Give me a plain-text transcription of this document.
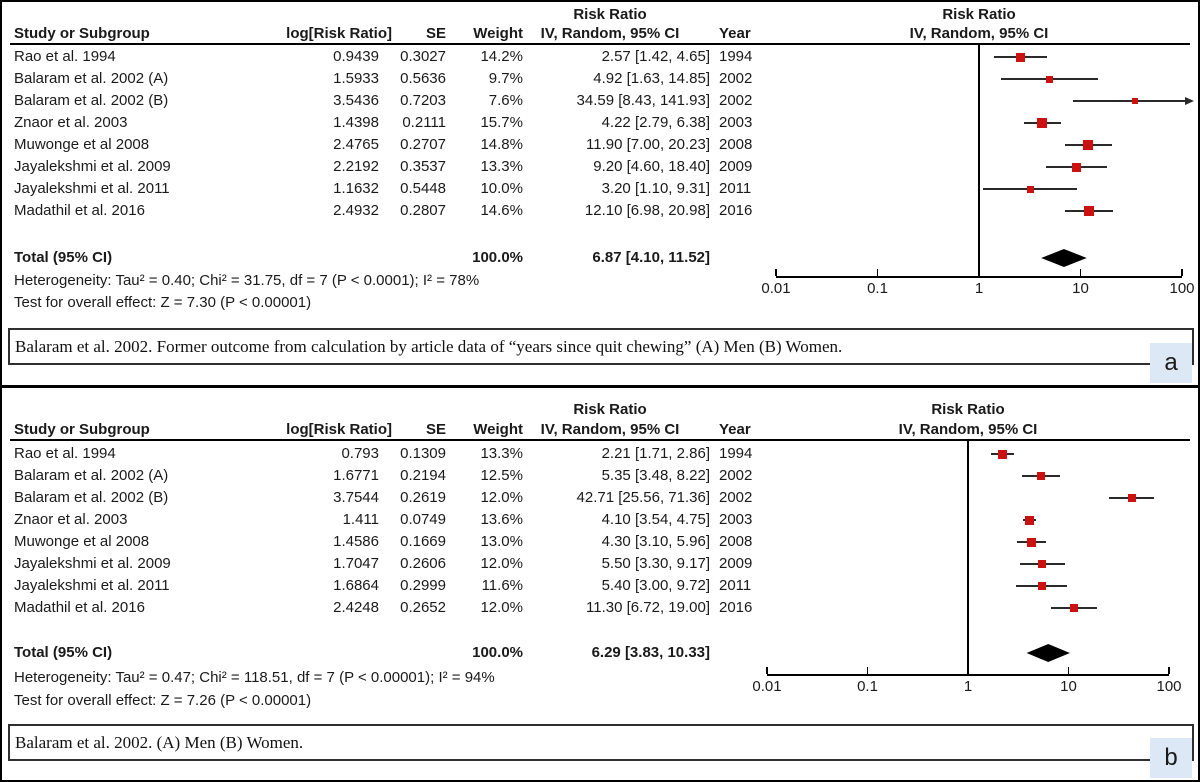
Risk Ratio	Risk Ratio
Study or Subgroup	log[Risk Ratio]	SE	Weight	IV, Random, 95% CI	Year	IV, Random, 95% CI
Rao et al. 1994	0.9439	0.3027	14.2%	2.57 [1.42, 4.65] 1994
Balaram et al. 2002 (A)	1.5933	0.5636	9.7%	4.92 [1.63, 14.85] 2002
Balaram et al. 2002 (B)	3.5436	0.7203	7.6%	34.59 [8.43, 141.93] 2002
Znaor et al. 2003	1.4398	0.2111	15.7%	4.22 [2.79, 6.38] 2003
Muwonge et al 2008	2.4765	0.2707	14.8%	11.90 [7.00, 20.23] 2008
Jayalekshmi et al. 2009	2.2192	0.3537	13.3%	9.20 [4.60, 18.40] 2009
Jayalekshmi et al. 2011	1.1632	0.5448	10.0%	3.20 [1.10, 9.31] 2011
Madathil et al. 2016	2.4932	0.2807	14.6%	12.10 [6.98, 20.98] 2016
Total (95% CI)	100.0%	6.87 [4.10, 11.52]
Heterogeneity: Tau² = 0.40; Chi² = 31.75, df = 7 (P < 0.0001); I² = 78%
Test for overall effect: Z = 7.30 (P < 0.00001)
0.01	0.1	1	10	100
Balaram et al. 2002. Former outcome from calculation by article data of “years since quit chewing” (A) Men (B) Women.
a
Risk Ratio	Risk Ratio
Study or Subgroup	log[Risk Ratio]	SE	Weight	IV, Random, 95% CI	Year	IV, Random, 95% CI
Rao et al. 1994	0.793	0.1309	13.3%	2.21 [1.71, 2.86] 1994
Balaram et al. 2002 (A)	1.6771	0.2194	12.5%	5.35 [3.48, 8.22] 2002
Balaram et al. 2002 (B)	3.7544	0.2619	12.0%	42.71 [25.56, 71.36] 2002
Znaor et al. 2003	1.411	0.0749	13.6%	4.10 [3.54, 4.75] 2003
Muwonge et al 2008	1.4586	0.1669	13.0%	4.30 [3.10, 5.96] 2008
Jayalekshmi et al. 2009	1.7047	0.2606	12.0%	5.50 [3.30, 9.17] 2009
Jayalekshmi et al. 2011	1.6864	0.2999	11.6%	5.40 [3.00, 9.72] 2011
Madathil et al. 2016	2.4248	0.2652	12.0%	11.30 [6.72, 19.00] 2016
Total (95% CI)	100.0%	6.29 [3.83, 10.33]
Heterogeneity: Tau² = 0.47; Chi² = 118.51, df = 7 (P < 0.00001); I² = 94%
Test for overall effect: Z = 7.26 (P < 0.00001)
0.01	0.1	1	10	100
Balaram et al. 2002. (A) Men (B) Women.
b
